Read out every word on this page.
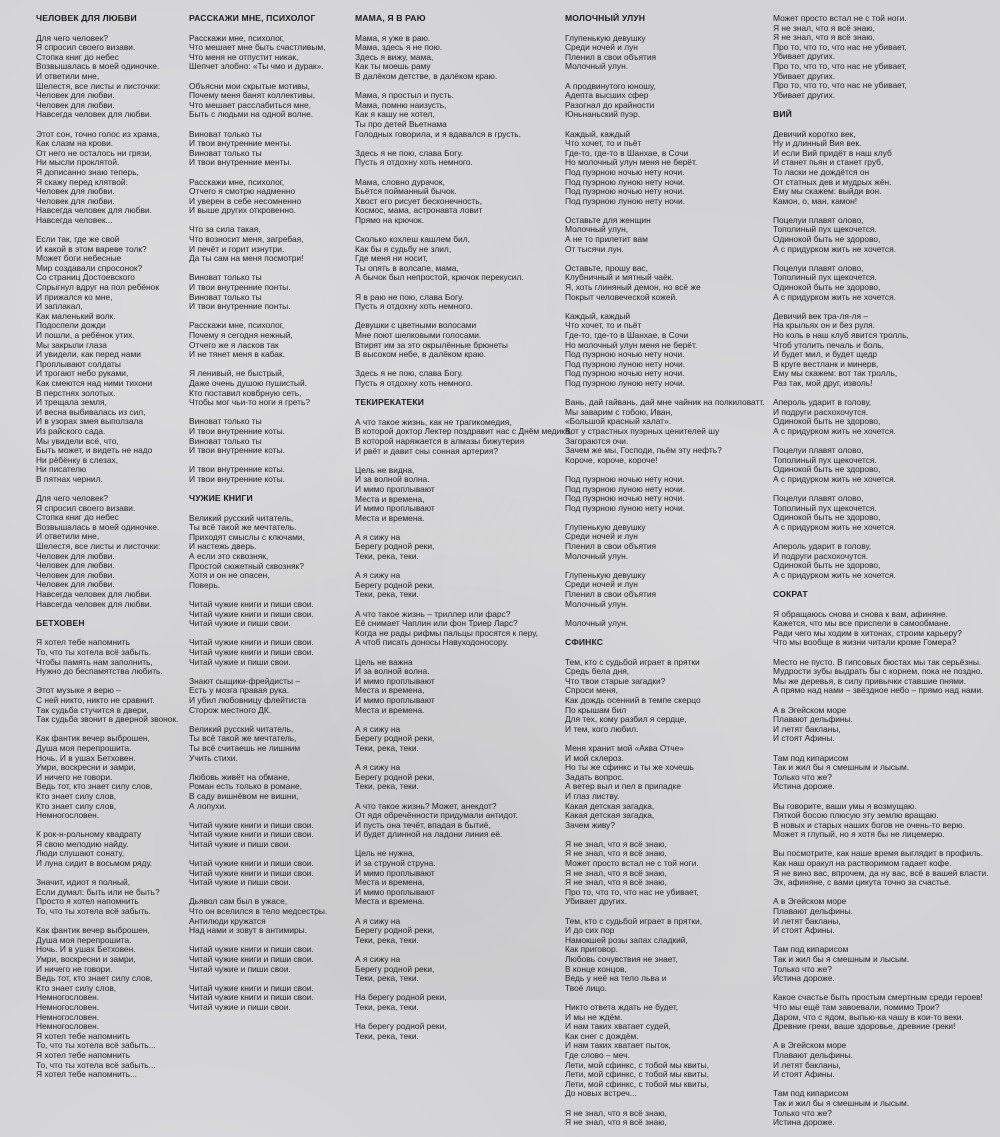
ЧЕЛОВЕК ДЛЯ ЛЮБВИ
Для чего человек?
Я спросил своего визави.
Стопка книг до небес
Возвышалась в моей одиночке.
И ответили мне,
Шелестя, все листы и листочки:
Человек для любви.
Человек для любви.
Навсегда человек для любви.
Этот сон, точно голос из храма,
Как слазм на крови.
От него не осталось ни грязи,
Ни мысли проклятой.
Я дописанно знаю теперь,
Я скажу перед клятвой:
Человек для любви.
Человек для любви.
Навсегда человек для любви.
Навсегда человек...
Если так, где же свой
И какой в этом вареве толк?
Может боги небесные
Мир создавали спросонок?
Со страниц Достоевского
Спрыгнул вдруг на пол ребёнок
И прижался ко мне,
И заплакал,
Как маленький волк.
Подоспели дожди
И пошли, а ребёнок утих.
Мы закрыли глаза
И увидели, как перед нами
Проплывают солдаты
И трогают небо руками,
Как смеются над ними тихони
В перстнях золотых.
И трещала земля,
И весна выбивалась из сил,
И в узорах змея выползала
Из райского сада.
Мы увидели всё, что,
Быть может, и видеть не надо
Ни рёбёнку в слезах,
Ни писателю
В пятнах чернил.
Для чего человек?
Я спросил своего визави.
Стопка книг до небес
Возвышалась в моей одиночке.
И ответили мне,
Шелестя, все листы и листочки:
Человек для любви.
Человек для любви.
Человек для любви.
Человек для любви.
Навсегда человек для любви.
Навсегда человек для любви.
БЕТХОВЕН
Я хотел тебе напомнить
То, что ты хотела всё забыть.
Чтобы память нам заполнить,
Нужно до беспамятства любить.
Этот музыке я верю –
С ней никто, никто не сравнит.
Так судьба стучится в двери,
Так судьба звонит в дверной звонок.
Как фантик вечер выброшен,
Душа моя перепрошита.
Ночь. И в ушах Бетховен.
Умри, воскресни и замри,
И ничего не говори.
Ведь тот, кто знает силу слов,
Кто знает силу слов,
Кто знает силу слов,
Немногословен.
К рок-н-рольному квадрату
Я свою мелодию найду.
Люди слушают сонату,
И луна сидит в восьмом ряду.
Значит, идиот я полный,
Если думал: быть или не быть?
Просто я хотел напомнить
То, что ты хотела всё забыть.
Как фантик вечер выброшен,
Душа моя перепрошита.
Ночь. И в ушах Бетховен.
Умри, воскресни и замри,
И ничего не говори.
Ведь тот, кто знает силу слов,
Кто знает силу слов,
Немногословен.
Немногословен.
Немногословен.
Немногословен.
Я хотел тебе напомнить
То, что ты хотела всё забыть...
Я хотел тебе напомнить
То, что ты хотела всё забыть...
Я хотел тебе напомнить...
РАССКАЖИ МНЕ, ПСИХОЛОГ
Расскажи мне, психолог,
Что мешает мне быть счастливым,
Что меня не отпустит никак,
Шепчет злобно: «Ты чмо и дурак».
Объясни мои скрытые мотивы,
Почему меня банят коллективы,
Что мешает расслабиться мне,
Быть с людьми на одной волне.
Виноват только ты
И твои внутренние менты.
Виноват только ты
И твои внутренние менты.
Расскажи мне, психолог,
Отчего я смотрю надменно
И уверен в себе несомненно
И выше других откровенно.
Что за сила такая,
Что возносит меня, загребая,
И печёт и горит изнутри.
Да ты сам на меня посмотри!
Виноват только ты
И твои внутренние понты.
Виноват только ты
И твои внутренние понты.
Расскажи мне, психолог,
Почему я сегодня нежный,
Отчего же я ласков так
И не тянет меня в кабак.
Я ленивый, не быстрый,
Даже очень душою пушистый.
Кто поставил ковбрную сеть,
Чтобы мог чьи-то ноги я греть?
Виноват только ты
И твои внутренние коты.
Виноват только ты
И твои внутренние коты.
И твои внутренние коты.
И твои внутренние коты.
ЧУЖИЕ КНИГИ
Великий русский читатель,
Ты всё такой же мечтатель.
Приходят смыслы с ключами,
И настежь дверь.
А если это сквозняк,
Простой сюжетный сквозняк?
Хотя и он не опасен,
Поверь.
Читай чужие книги и пиши свои.
Читай чужие книги и пиши свои.
Читай чужие и пиши свои.
Читай чужие книги и пиши свои.
Читай чужие книги и пиши свои.
Читай чужие и пиши свои.
Знают сыщики-фрейдисты –
Есть у мозга правая рука.
И убил любовницу флейтиста
Сторож местного ДК.
Великий русский читатель,
Ты всё такой же мечтатель,
Ты всё считаешь не лишним
Учить стихи.
Любовь живёт на обмане,
Роман есть только в романе,
В саду вишнёвом не вишни,
А лопухи.
Читай чужие книги и пиши свои.
Читай чужие книги и пиши свои.
Читай чужие и пиши свои.
Читай чужие книги и пиши свои.
Читай чужие книги и пиши свои.
Читай чужие и пиши свои.
Дьявол сам был в ужасе,
Что он вселился в тело медсестры.
Антилюди кружатся
Над нами и зовут в антимиры.
Читай чужие книги и пиши свои.
Читай чужие книги и пиши свои.
Читай чужие и пиши свои.
Читай чужие книги и пиши свои.
Читай чужие книги и пиши свои.
Читай чужие и пиши свои.
МАМА, Я В РАЮ
Мама, я уже в раю.
Мама, здесь я не пою.
Здесь я вижу, мама,
Как ты моешь раму
В далёком детстве, в далёком краю.
Мама, я простыл и пусть.
Мама, помню наизусть,
Как я кашу не хотел,
Ты про детей Вьетнама
Голодных говорила, и я вдавался в грусть.
Здесь я не пою, слава Богу.
Пусть я отдохну хоть немного.
Мама, словно дурачок,
Бьётся пойманный бычок.
Хвост его рисует бесконечность,
Космос, мама, астронавта ловит
Прямо на крючок.
Сколько кохлеш кашлем бил,
Как бы я судьбу не злил,
Где меня ни носит,
Ты опять в волсапе, мама,
А бычок был непростой, крючок перекусил.
Я в раю не пою, слава Богу.
Пусть я отдохну хоть немного.
Девушки с цветными волосами
Мне поют шелковыми голосами.
Втирят им за это окрылённые брюнеты
В высоком небе, в далёком краю.
Здесь я не пою, слава Богу.
Пусть я отдохну хоть немного.
ТЕКИРЕКАТЕКИ
А что такое жизнь, как не трагикомедия,
В которой доктор Лектер поздравит нас с Днём медика,
В которой наряжается в алмазы бижутерия
И рвёт и давит сны сонная артерия?
Цель не видна,
И за волной волна.
И мимо проплывают
Места и времена,
И мимо проплывают
Места и времена.
А я сижу на
Берегу родной реки,
Теки, река, теки.
А я сижу на
Берегу родной реки,
Теки, река, теки.
А что такое жизнь – триллер или фарс?
Её снимает Чаплин или фон Триер Ларс?
Когда не рады рифмы пальцы просятся к перу,
А чтоб писать доносы Навуходоносору.
Цель не важна
И за волной волна.
И мимо проплывают
Места и времена,
И мимо проплывают
Места и времена.
А я сижу на
Берегу родной реки,
Теки, река, теки.
А я сижу на
Берегу родной реки,
Теки, река, теки.
А что такое жизнь? Может, анекдот?
От ядя обречённости придумали антидот.
И пусть она течёт, впадая в бытиё,
И будет длинной на ладони линия её.
Цель не нужна,
И за струной струна.
И мимо проплывают
Места и времена,
И мимо проплывают
Места и времена.
А я сижу на
Берегу родной реки,
Теки, река, теки.
А я сижу на
Берегу родной реки,
Теки, река, теки.
На берегу родной реки,
Теки, река, теки.
На берегу родной реки,
Теки, река, теки.
МОЛОЧНЫЙ УЛУН
Глупенькую девушку
Среди ночей и лун
Пленил в свои объятия
Молочный улун.
А продвинутого юношу,
Адепта высших сфер
Разогнал до крайности
Юньнаньский пуэр.
Каждый, каждый
Что хочет, то и пьёт
Где-то, где-то в Шанхае, в Сочи
Но молочный улун меня не берёт.
Под пуэрною ночью нету ночи.
Под пуэрною луною нету ночи.
Под пуэрною ночью нету ночи.
Под пуэрною луною нету ночи.
Оставьте для женщин
Молочный улун,
А не то прилетит вам
От тысячи лун.
Оставьте, прошу вас,
Клубничный и мятный чаёк.
Я, хоть глиняный демон, но всё же
Покрыт человеческой кожей.
Каждый, каждый
Что хочет, то и пьёт
Где-то, где-то в Шанхае, в Сочи
Но молочный улун меня не берёт.
Под пуэрною ночью нету ночи.
Под пуэрною луною нету ночи.
Под пуэрною ночью нету ночи.
Под пуэрною луною нету ночи.
Вань, дай гайвань, дай мне чайник на полкиловатт.
Мы заварим с тобою, Иван,
«Большой красный халат».
Вот у страстных пуэрных ценителей шу
Загораются очи.
Зачем же мы, Господи, пьём эту нефть?
Короче, короче, короче!
Под пуэрною ночью нету ночи.
Под пуэрною луною нету ночи.
Под пуэрною ночью нету ночи.
Под пуэрною луною нету ночи.
Глупенькую девушку
Среди ночей и лун
Пленил в свои объятия
Молочный улун.
Глупенькую девушку
Среди ночей и лун
Пленил в свои объятия
Молочный улун.
Молочный улун.
СФИНКС
Тем, кто с судьбой играет в прятки
Средь бела дня,
Что твои старые загадки?
Спроси меня,
Как дождь осенний в темпе скерцо
По крышам бил
Для тех, кому разбил я сердце,
И тем, кого любил.
Меня хранит мой «Аква Отче»
И мой склероз.
Но ты же сфинкс и ты же хочешь
Задать вопрос.
А ветер выл и пел в припадке
И глаз листву.
Какая детская загадка,
Какая детская загадка,
Зачем живу?
Я не знал, что я всё знаю,
Я не знал, что я всё знаю,
Может просто встал не с той ноги.
Я не знал, что я всё знаю,
Я не знал, что я всё знаю,
Про то, что то, что нас не убивает,
Убивает других.
Тем, кто с судьбой играет в прятки,
И до сих пор
Намокшей розы запах сладкий,
Как приговор.
Любовь сочувствия не знает,
В конце концов,
Ведь у неё на тело льва и
Твоё лицо.
Никто ответа ждать не будет,
И мы не ждём.
И нам таких хватает судей,
Как снег с дождём.
И нам таких хватает пыток,
Где слово – меч.
Лети, мой сфинкс, с тобой мы квиты,
Лети, мой сфинкс, с тобой мы квиты,
Лети, мой сфинкс, с тобой мы квиты,
До новых встреч...
Я не знал, что я всё знаю,
Я не знал, что я всё знаю,
Может просто встал не с той ноги.
Я не знал, что я всё знаю,
Я не знал, что я всё знаю,
Про то, что то, что нас не убивает,
Убивает других.
Про то, что то, что нас не убивает,
Убивает других.
Про то, что то, что нас не убивает,
Убивает других.
ВИЙ
Девичий коротко век,
Ну и длинный Вия век.
И если Вий придёт в наш клуб
И станет пьян и станет груб,
То ласки не дождётся он
От статных дев и мудрых жён.
Ему мы скажем: выйди вон.
Камон, о, ман, камон!
Поцелуи плавят олово,
Тополиный пух щекочется.
Одинокой быть не здорово,
А с придурком жить не хочется.
Поцелуи плавят олово,
Тополиный пух щекочется.
Одинокой быть не здорово,
А с придурком жить не хочется.
Девичий век тра-ля-ля –
На крыльях он и без руля.
Но коль в наш клуб явится тролль,
Чтоб утолить печаль и боль,
И будет мил, и будет щедр
В круге вестланк и минерв,
Ему мы скажем: вот так тролль,
Раз так, мой друг, изволь!
Апероль ударит в голову,
И подруги расхохочутся.
Одинокой быть не здорово,
А с придурком жить не хочется.
Поцелуи плавят олово,
Тополиный пух щекочется.
Одинокой быть не здорово,
А с придурком жить не хочется.
Поцелуи плавят олово,
Тополиный пух щекочется.
Одинокой быть не здорово,
А с придурком жить не хочется.
Апероль ударит в голову,
И подруги расхохочутся.
Одинокой быть не здорово,
А с придурком жить не хочется.
СОКРАТ
Я обращаюсь снова и снова к вам, афиняне.
Кажется, что мы все приспели в самообмане.
Ради чего мы ходим в хитонах, строим карьеру?
Что мы вообще в жизни читали кроме Гомера?
Место не пусто. В гипсовых бюстах мы так серьёзны.
Мудрости зубы выдрать бы с корнем, пока не поздно.
Мы же деревья, в силу привычки ставшие пнями.
А прямо над нами – звёздное небо – прямо над нами.
А в Эгейском море
Плавают дельфины.
И летят бакланы,
И стоят Афины.
Там под кипарисом
Так и жил бы я смешным и лысым.
Только что же?
Истина дороже.
Вы говорите, ваши умы я возмущаю.
Пяткой босою плюсую эту землю вращаю.
В новых и старых наших богов не очень-то верю.
Может я глупый, но я хотя бы не лицемерю.
Вы посмотрите, как наше время выглядит в профиль.
Как наш оракул на растворимом гадает кофе.
Я не вино вас, впрочем, да ну вас, всё в вашей власти.
Эх, афиняне, с вами цикута точно за счастье.
А в Эгейском море
Плавают дельфины.
И летят бакланы,
И стоят Афины.
Там под кипарисом
Так и жил бы я смешным и лысым.
Только что же?
Истина дороже.
Какое счастье быть простым смертным среди героев!
Что мы ещё там завоевали, помимо Трои?
Даром, что с ядом, выпью-ка чашу в кои-то веки.
Древние греки, ваше здоровье, древние греки!
А в Эгейском море
Плавают дельфины.
И летят бакланы,
И стоят Афины.
Там под кипарисом
Так и жил бы я смешным и лысым.
Только что же?
Истина дороже.
